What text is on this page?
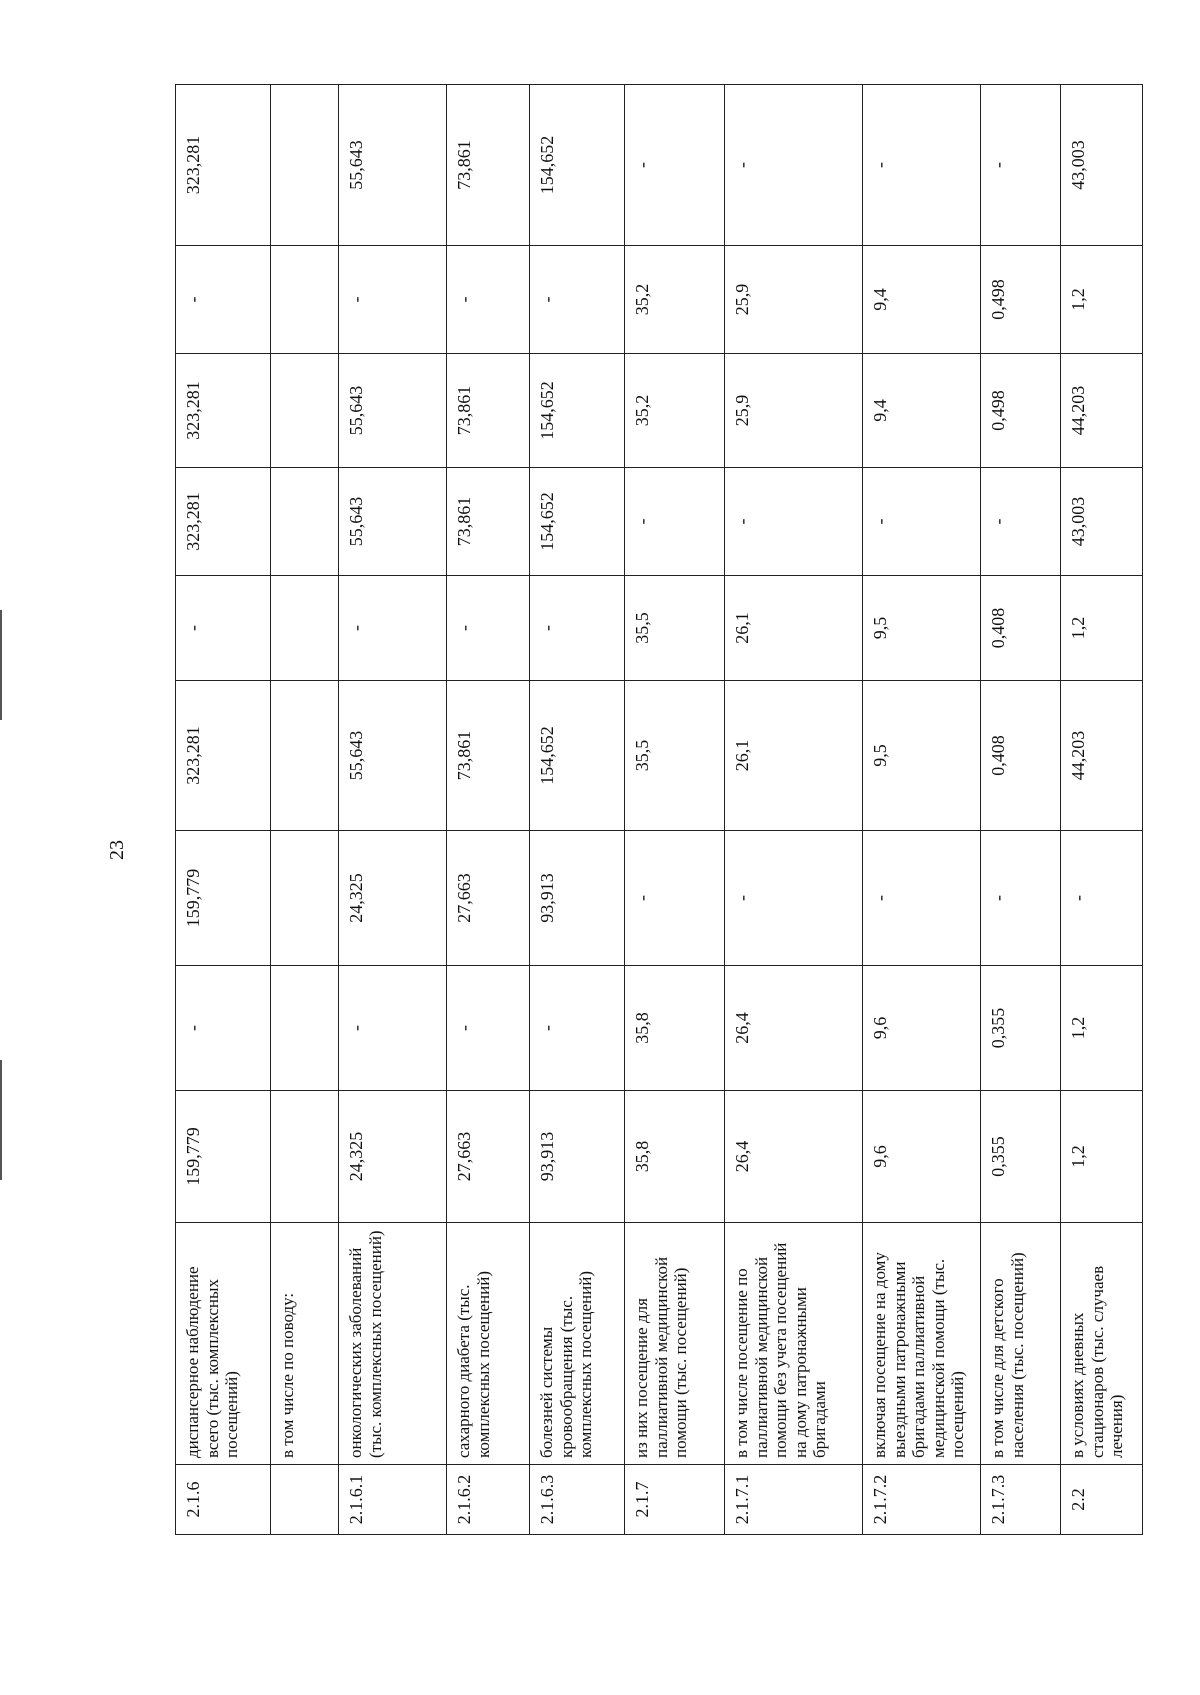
23
2.1.6	диспансерное наблюдение всего (тыс. комплексных посещений)	159,779	-	159,779	323,281	-	323,281	323,281	-	323,281
	в том числе по поводу:									
2.1.6.1	онкологических заболеваний (тыс. комплексных посещений)	24,325	-	24,325	55,643	-	55,643	55,643	-	55,643
2.1.6.2	сахарного диабета (тыс. комплексных посещений)	27,663	-	27,663	73,861	-	73,861	73,861	-	73,861
2.1.6.3	болезней системы кровообращения (тыс. комплексных посещений)	93,913	-	93,913	154,652	-	154,652	154,652	-	154,652
2.1.7	из них посещение для паллиативной медицинской помощи (тыс. посещений)	35,8	35,8	-	35,5	35,5	-	35,2	35,2	-
2.1.7.1	в том числе посещение по паллиативной медицинской помощи без учета посещений на дому патронажными бригадами	26,4	26,4	-	26,1	26,1	-	25,9	25,9	-
2.1.7.2	включая посещение на дому выездными патронажными бригадами паллиативной медицинской помощи (тыс. посещений)	9,6	9,6	-	9,5	9,5	-	9,4	9,4	-
2.1.7.3	в том числе для детского населения (тыс. посещений)	0,355	0,355	-	0,408	0,408	-	0,498	0,498	-
2.2	в условиях дневных стационаров (тыс. случаев лечения)	1,2	1,2	-	44,203	1,2	43,003	44,203	1,2	43,003
